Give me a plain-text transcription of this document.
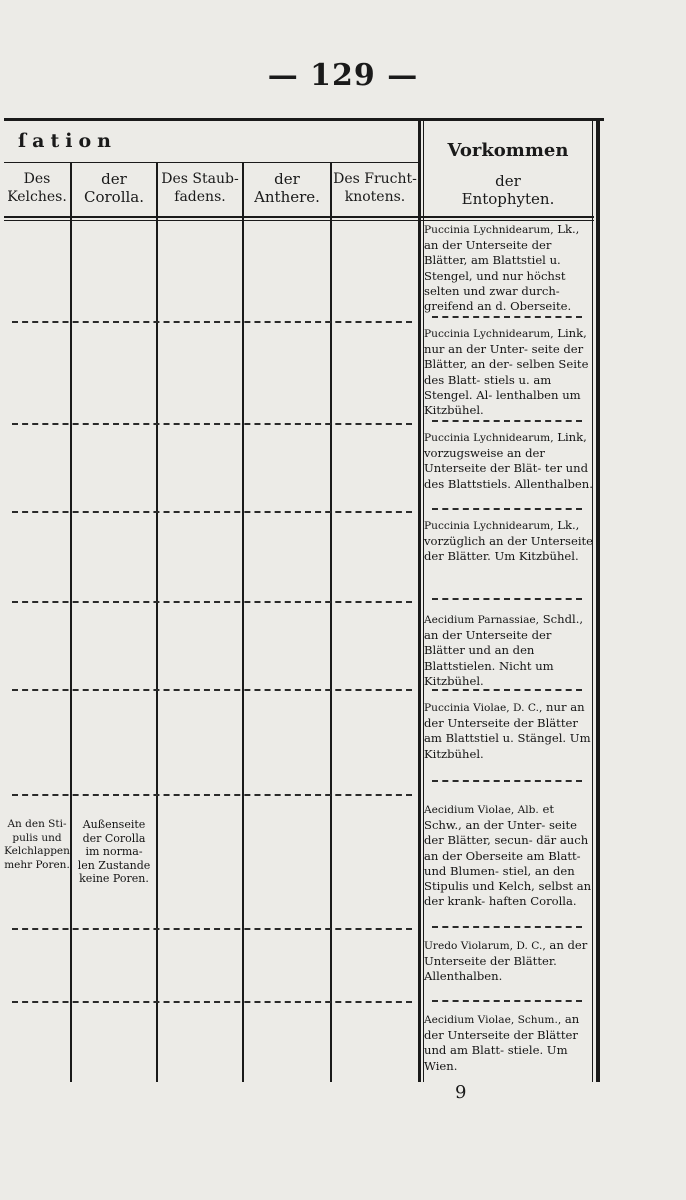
— 129 —
ſation	Vorkommen
Des
Kelches.
der
Corolla.
Des Staub-
fadens.
der
Anthere.
Des Frucht-
knotens.
der
Entophyten.
An den Sti-
pulis und
Kelchlappen
mehr Poren.
Außenseite
der Corolla
im norma-
len Zustande
keine Poren.
Puccinia Lychnidearum, Lk., an der Unterseite der Blätter, am Blattstiel u. Stengel, und nur höchst selten und zwar durch- greifend an d. Oberseite.
Puccinia Lychnidearum, Link, nur an der Unter- seite der Blätter, an der- selben Seite des Blatt- stiels u. am Stengel. Al- lenthalben um Kitzbühel.
Puccinia Lychnidearum, Link, vorzugsweise an der Unterseite der Blät- ter und des Blattstiels. Allenthalben.
Puccinia Lychnidearum, Lk., vorzüglich an der Unterseite der Blätter. Um Kitzbühel.
Aecidium Parnassiae, Schdl., an der Unterseite der Blätter und an den Blattstielen. Nicht um Kitzbühel.
Puccinia Violae, D. C., nur an der Unterseite der Blätter am Blattstiel u. Stängel. Um Kitzbühel.
Aecidium Violae, Alb. et Schw., an der Unter- seite der Blätter, secun- där auch an der Oberseite am Blatt- und Blumen- stiel, an den Stipulis und Kelch, selbst an der krank- haften Corolla.
Uredo Violarum, D. C., an der Unterseite der Blätter. Allenthalben.
Aecidium Violae, Schum., an der Unterseite der Blätter und am Blatt- stiele. Um Wien.
9
